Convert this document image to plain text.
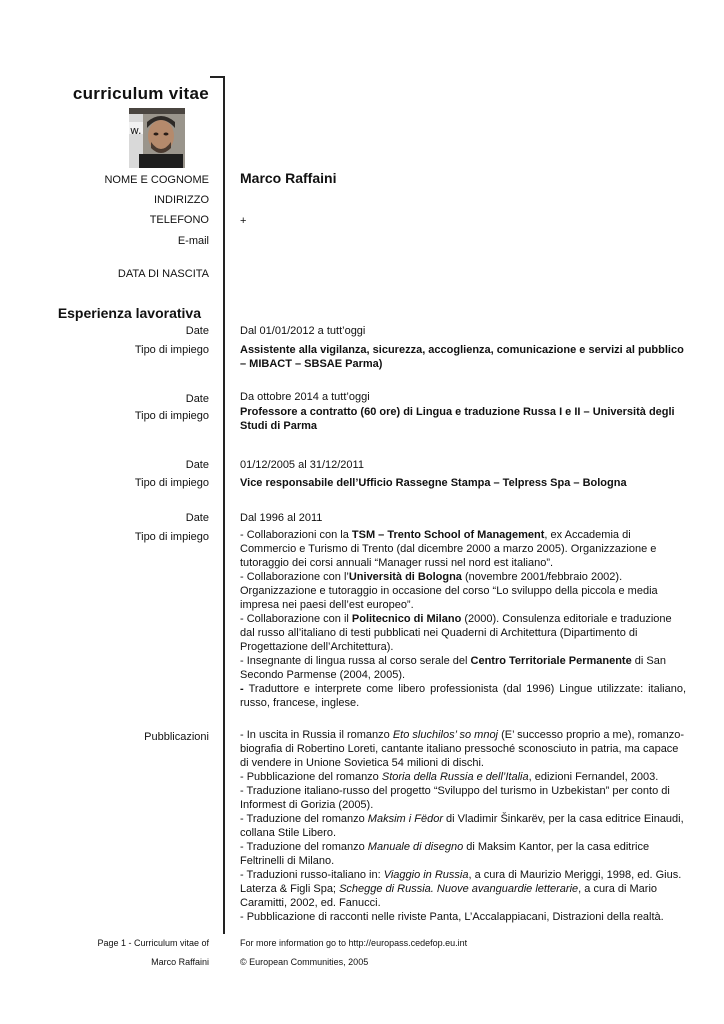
curriculum vitae
w.
NOME E COGNOME Marco Raffaini
INDIRIZZO
TELEFONO	+
E-mail
DATA DI NASCITA
Esperienza lavorativa
Date	Dal 01/01/2012 a tutt’oggi
Tipo di impiego	Assistente alla vigilanza, sicurezza, accoglienza, comunicazione e servizi al pubblico – MIBACT – SBSAE Parma)
Date	Da ottobre 2014 a tutt’oggi
Tipo di impiego	Professore a contratto (60 ore) di Lingua e traduzione Russa I e II – Università degli Studi di Parma
Date	01/12/2005 al 31/12/2011
Tipo di impiego	Vice responsabile dell’Ufficio Rassegne Stampa – Telpress Spa – Bologna
Date	Dal 1996 al 2011
Tipo di impiego	- Collaborazioni con la TSM – Trento School of Management, ex Accademia di Commercio e Turismo di Trento (dal dicembre 2000 a marzo 2005). Organizzazione e tutoraggio dei corsi annuali “Manager russi nel nord est italiano”.
- Collaborazione con l’Università di Bologna (novembre 2001/febbraio 2002). Organizzazione e tutoraggio in occasione del corso “Lo sviluppo della piccola e media impresa nei paesi dell’est europeo”.
- Collaborazione con il Politecnico di Milano (2000). Consulenza editoriale e traduzione dal russo all’italiano di testi pubblicati nei Quaderni di Architettura (Dipartimento di Progettazione dell’Architettura).
- Insegnante di lingua russa al corso serale del Centro Territoriale Permanente di San Secondo Parmense (2004, 2005).
- Traduttore e interprete come libero professionista (dal 1996) Lingue utilizzate: italiano, russo, francese, inglese.
Pubblicazioni	- In uscita in Russia il romanzo Eto sluchilos’ so mnoj (E’ successo proprio a me), romanzo-biografia di Robertino Loreti, cantante italiano pressoché sconosciuto in patria, ma capace di vendere in Unione Sovietica 54 milioni di dischi.
- Pubblicazione del romanzo Storia della Russia e dell’Italia, edizioni Fernandel, 2003.
- Traduzione italiano-russo del progetto “Sviluppo del turismo in Uzbekistan” per conto di Informest di Gorizia (2005).
- Traduzione del romanzo Maksim i Fëdor di Vladimir Šinkarëv, per la casa editrice Einaudi, collana Stile Libero.
- Traduzione del romanzo Manuale di disegno di Maksim Kantor, per la casa editrice Feltrinelli di Milano.
- Traduzioni russo-italiano in: Viaggio in Russia, a cura di Maurizio Meriggi, 1998, ed. Gius. Laterza & Figli Spa; Schegge di Russia. Nuove avanguardie letterarie, a cura di Mario Caramitti, 2002, ed. Fanucci.
- Pubblicazione di racconti nelle riviste Panta, L’Accalappiacani, Distrazioni della realtà.
Page 1 - Curriculum vitae of
Marco Raffaini
For more information go to http://europass.cedefop.eu.int
© European Communities, 2005
